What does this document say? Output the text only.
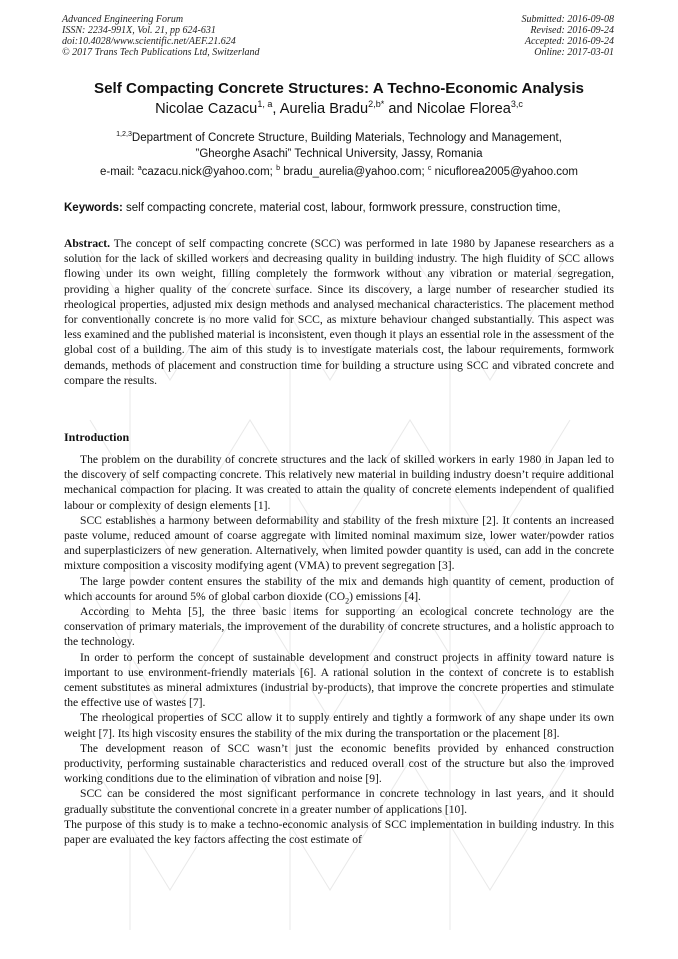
Advanced Engineering Forum
ISSN: 2234-991X, Vol. 21, pp 624-631
doi:10.4028/www.scientific.net/AEF.21.624
© 2017 Trans Tech Publications Ltd, Switzerland
Submitted: 2016-09-08
Revised: 2016-09-24
Accepted: 2016-09-24
Online: 2017-03-01
Self Compacting Concrete Structures: A Techno-Economic Analysis
Nicolae Cazacu$^{1, a}$, Aurelia Bradu$^{2,b*}$ and Nicolae Florea$^{3,c}$
$^{1,2,3}$Department of Concrete Structure, Building Materials, Technology and Management,
”Gheorghe Asachi” Technical University, Jassy, Romania
e-mail: $^a$cazacu.nick@yahoo.com; $^b$ bradu_aurelia@yahoo.com; $^c$ nicuflorea2005@yahoo.com
Keywords: self compacting concrete, material cost, labour, formwork pressure, construction time,
Abstract. The concept of self compacting concrete (SCC) was performed in late 1980 by Japanese researchers as a solution for the lack of skilled workers and decreasing quality in building industry. The high fluidity of SCC allows flowing under its own weight, filling completely the formwork without any vibration or material segregation, providing a higher quality of the concrete surface. Since its discovery, a large number of researcher studied its rheological properties, adjusted mix design methods and analysed mechanical characteristics. The placement method for conventionally concrete is no more valid for SCC, as mixture behaviour changed substantially. This aspect was less examined and the published material is inconsistent, even though it plays an essential role in the assessment of the global cost of a building. The aim of this study is to investigate materials cost, the labour requirements, formwork demands, methods of placement and construction time for building a structure using SCC and vibrated concrete and compare the results.
Introduction

The problem on the durability of concrete structures and the lack of skilled workers in early 1980 in Japan led to the discovery of self compacting concrete. This relatively new material in building industry doesn’t require additional mechanical compaction for placing. It was created to attain the quality of concrete elements independent of qualified labour or complexity of design elements [1].

SCC establishes a harmony between deformability and stability of the fresh mixture [2]. It contents an increased paste volume, reduced amount of coarse aggregate with limited nominal maximum size, lower water/powder ratios and superplasticizers of new generation. Alternatively, when limited powder quantity is used, can add in the concrete mixture composition a viscosity modifying agent (VMA) to prevent segregation [3].

The large powder content ensures the stability of the mix and demands high quantity of cement, production of which accounts for around 5% of global carbon dioxide $(CO_2)$ emissions [4].

According to Mehta [5], the three basic items for supporting an ecological concrete technology are the conservation of primary materials, the improvement of the durability of concrete structures, and a holistic approach to the technology.

In order to perform the concept of sustainable development and construct projects in affinity toward nature is important to use environment-friendly materials [6]. A rational solution in the context of concrete is to establish cement substitutes as mineral admixtures (industrial by-products), that improve the concrete properties and stimulate the effective use of wastes [7].

The rheological properties of SCC allow it to supply entirely and tightly a formwork of any shape under its own weight [7]. Its high viscosity ensures the stability of the mix during the transportation or the placement [8].

The development reason of SCC wasn’t just the economic benefits provided by enhanced construction productivity, performing sustainable characteristics and reduced overall cost of the structure but also the improved working conditions due to the elimination of vibration and noise [9].

SCC can be considered the most significant performance in concrete technology in last years, and it should gradually substitute the conventional concrete in a greater number of applications [10].

The purpose of this study is to make a techno-economic analysis of SCC implementation in building industry. In this paper are evaluated the key factors affecting the cost estimate of
